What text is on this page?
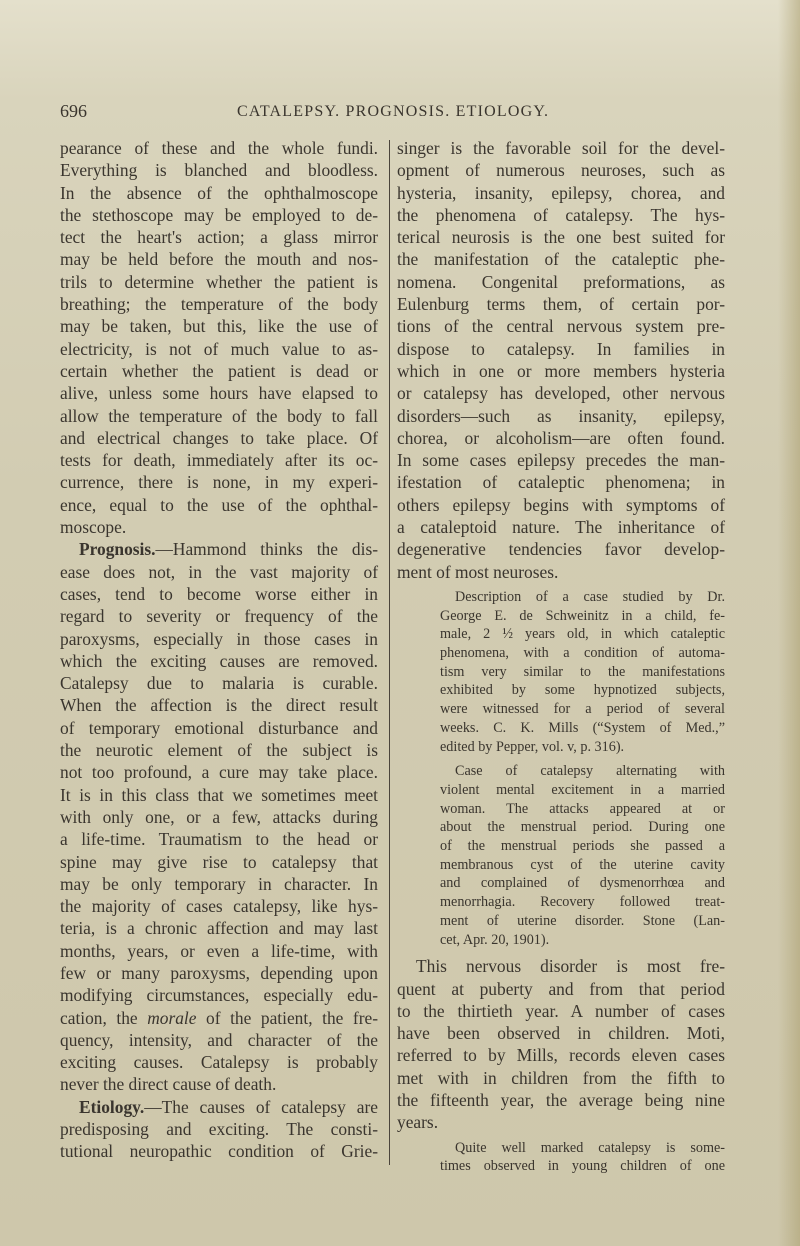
696	CATALEPSY. PROGNOSIS. ETIOLOGY.
pearance of these and the whole fundi.
Everything is blanched and bloodless.
In the absence of the ophthalmoscope
the stethoscope may be employed to de-
tect the heart's action; a glass mirror
may be held before the mouth and nos-
trils to determine whether the patient is
breathing; the temperature of the body
may be taken, but this, like the use of
electricity, is not of much value to as-
certain whether the patient is dead or
alive, unless some hours have elapsed to
allow the temperature of the body to fall
and electrical changes to take place. Of
tests for death, immediately after its oc-
currence, there is none, in my experi-
ence, equal to the use of the ophthal-
moscope.
Prognosis.—Hammond thinks the dis-
ease does not, in the vast majority of
cases, tend to become worse either in
regard to severity or frequency of the
paroxysms, especially in those cases in
which the exciting causes are removed.
Catalepsy due to malaria is curable.
When the affection is the direct result
of temporary emotional disturbance and
the neurotic element of the subject is
not too profound, a cure may take place.
It is in this class that we sometimes meet
with only one, or a few, attacks during
a life-time. Traumatism to the head or
spine may give rise to catalepsy that
may be only temporary in character. In
the majority of cases catalepsy, like hys-
teria, is a chronic affection and may last
months, years, or even a life-time, with
few or many paroxysms, depending upon
modifying circumstances, especially edu-
cation, the morale of the patient, the fre-
quency, intensity, and character of the
exciting causes. Catalepsy is probably
never the direct cause of death.
Etiology.—The causes of catalepsy are
predisposing and exciting. The consti-
tutional neuropathic condition of Grie-
singer is the favorable soil for the devel-
opment of numerous neuroses, such as
hysteria, insanity, epilepsy, chorea, and
the phenomena of catalepsy. The hys-
terical neurosis is the one best suited for
the manifestation of the cataleptic phe-
nomena. Congenital preformations, as
Eulenburg terms them, of certain por-
tions of the central nervous system pre-
dispose to catalepsy. In families in
which in one or more members hysteria
or catalepsy has developed, other nervous
disorders—such as insanity, epilepsy,
chorea, or alcoholism—are often found.
In some cases epilepsy precedes the man-
ifestation of cataleptic phenomena; in
others epilepsy begins with symptoms of
a cataleptoid nature. The inheritance of
degenerative tendencies favor develop-
ment of most neuroses.
Description of a case studied by Dr.
George E. de Schweinitz in a child, fe-
male, 2 ½ years old, in which cataleptic
phenomena, with a condition of automa-
tism very similar to the manifestations
exhibited by some hypnotized subjects,
were witnessed for a period of several
weeks. C. K. Mills (“System of Med.,”
edited by Pepper, vol. v, p. 316).
Case of catalepsy alternating with
violent mental excitement in a married
woman. The attacks appeared at or
about the menstrual period. During one
of the menstrual periods she passed a
membranous cyst of the uterine cavity
and complained of dysmenorrhœa and
menorrhagia. Recovery followed treat-
ment of uterine disorder. Stone (Lan-
cet, Apr. 20, 1901).
This nervous disorder is most fre-
quent at puberty and from that period
to the thirtieth year. A number of cases
have been observed in children. Moti,
referred to by Mills, records eleven cases
met with in children from the fifth to
the fifteenth year, the average being nine
years.
Quite well marked catalepsy is some-
times observed in young children of one
